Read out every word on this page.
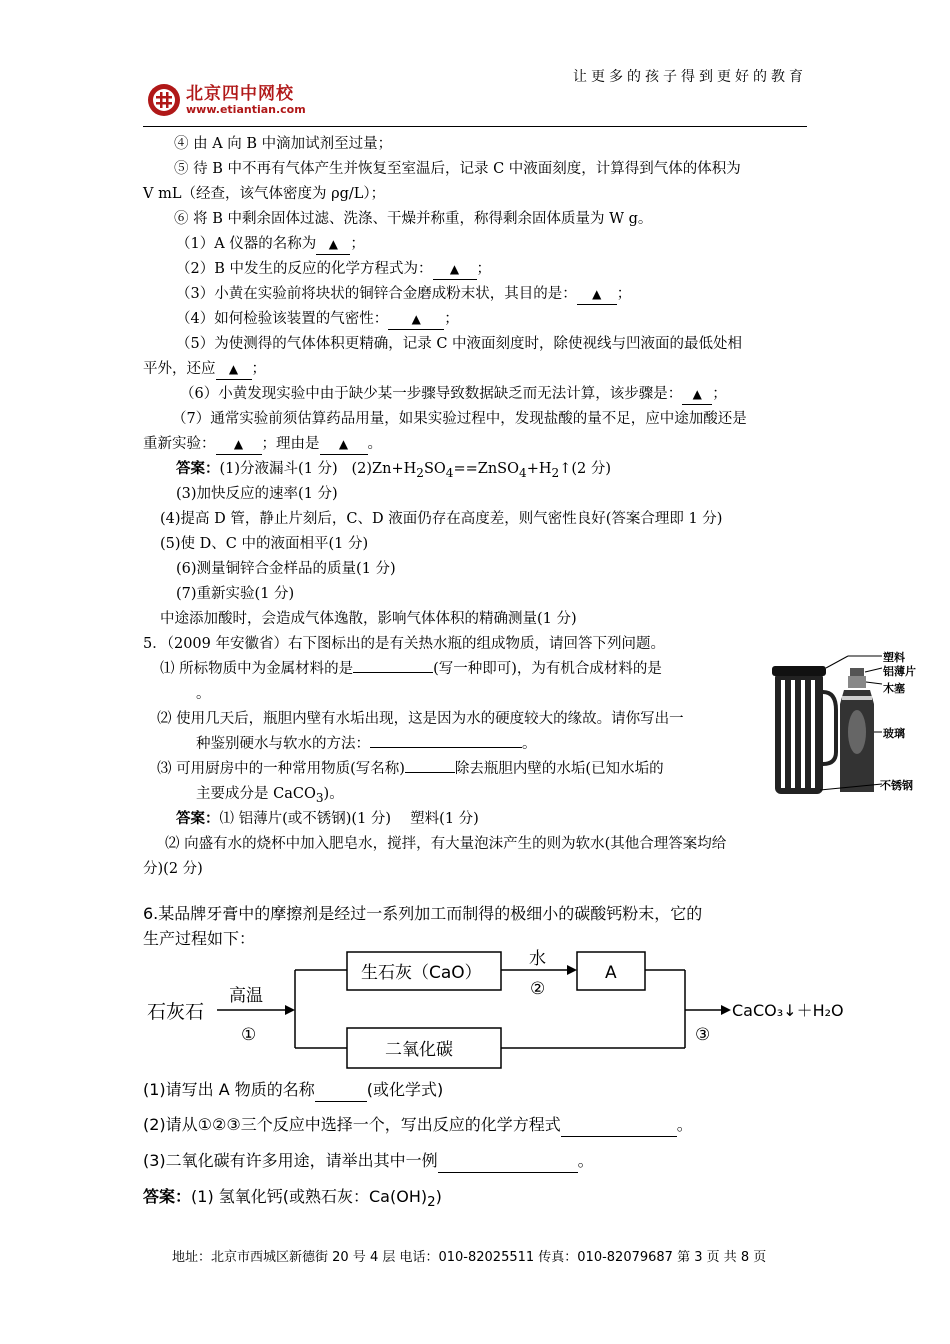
北京四中网校
www.etiantian.com
让更多的孩子得到更好的教育
④ 由 A 向 B 中滴加试剂至过量；
⑤ 待 B 中不再有气体产生并恢复至室温后，记录 C 中液面刻度，计算得到气体的体积为
V mL（经查，该气体密度为 ρg/L）；
⑥ 将 B 中剩余固体过滤、洗涤、干燥并称重，称得剩余固体质量为 W g。
（1）A 仪器的名称为 ▲ ；
（2）B 中发生的反应的化学方程式为： ▲ ；
（3）小黄在实验前将块状的铜锌合金磨成粉末状，其目的是： ▲ ；
（4）如何检验该装置的气密性： ▲ ；
（5）为使测得的气体体积更精确，记录 C 中液面刻度时，除使视线与凹液面的最低处相
平外，还应 ▲ ；
（6）小黄发现实验中由于缺少某一步骤导致数据缺乏而无法计算，该步骤是： ▲ ；
（7）通常实验前须估算药品用量，如果实验过程中，发现盐酸的量不足，应中途加酸还是
重新实验： ▲ ；理由是 ▲ 。
答案：(1)分液漏斗(1 分) $(2)Zn+H_2SO_4==ZnSO_4+H_2↑(2$ 分)
(3)加快反应的速率(1 分)
(4)提高 D 管，静止片刻后，C、D 液面仍存在高度差，则气密性良好(答案合理即 1 分)
(5)使 D、C 中的液面相平(1 分)
(6)测量铜锌合金样品的质量(1 分)
(7)重新实验(1 分)
中途添加酸时，会造成气体逸散，影响气体体积的精确测量(1 分)
5．（2009 年安徽省）右下图标出的是有关热水瓶的组成物质，请回答下列问题。
⑴ 所标物质中为金属材料的是	(写一种即可)，为有机合成材料的是
。
⑵ 使用几天后，瓶胆内壁有水垢出现，这是因为水的硬度较大的缘故。请你写出一
种鉴别硬水与软水的方法：	。
⑶ 可用厨房中的一种常用物质(写名称)	除去瓶胆内壁的水垢(已知水垢的
主要成分是 CaCO$_3$)。
答案：⑴ 铝薄片(或不锈钢)(1 分)　 塑料(1 分)
⑵ 向盛有水的烧杯中加入肥皂水，搅拌，有大量泡沫产生的则为软水(其他合理答案均给
分)(2 分)
塑料
铝薄片
木塞
玻璃
不锈钢
6.某品牌牙膏中的摩擦剂是经过一系列加工而制得的极细小的碳酸钙粉末，它的
生产过程如下：
石灰石
高温
①
生石灰（CaO）
水
②
A
二氧化碳
③
CaCO₃↓＋H₂O
(1)请写出 A 物质的名称	(或化学式)
(2)请从①②③三个反应中选择一个，写出反应的化学方程式	。
(3)二氧化碳有许多用途，请举出其中一例	。
答案：(1) 氢氧化钙(或熟石灰：$Ca(OH)_2$)
地址：北京市西城区新德街 20 号 4 层 电话：010-82025511 传真：010-82079687 第 3 页 共 8 页
